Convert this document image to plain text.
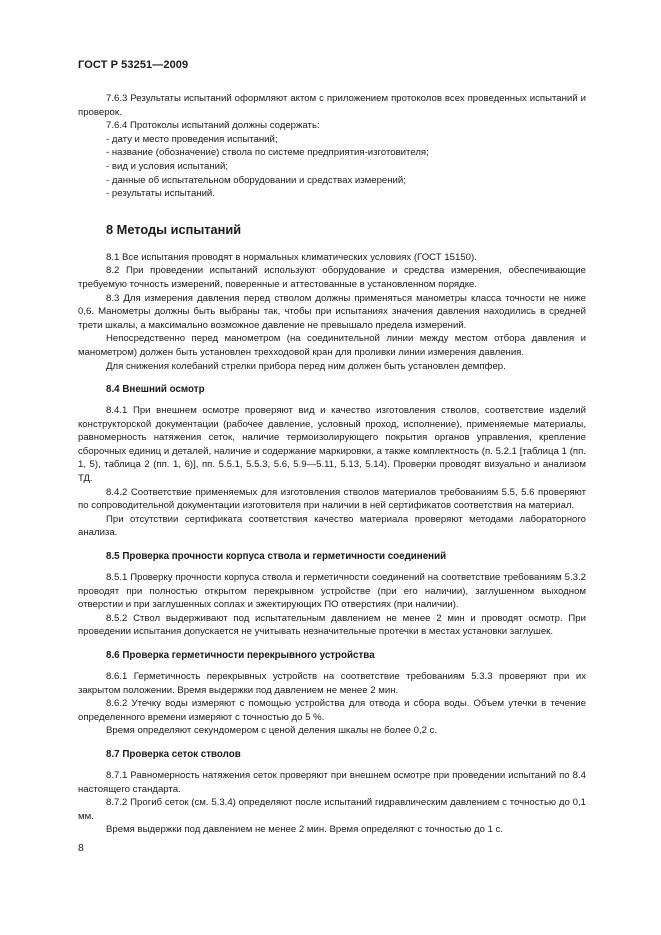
ГОСТ Р 53251—2009

7.6.3 Результаты испытаний оформляют актом с приложением протоколов всех проведенных испытаний и проверок.

7.6.4 Протоколы испытаний должны содержать:

- дату и место проведения испытаний;

- название (обозначение) ствола по системе предприятия-изготовителя;

- вид и условия испытаний;

- данные об испытательном оборудовании и средствах измерений;

- результаты испытаний.

8 Методы испытаний

8.1 Все испытания проводят в нормальных климатических условиях (ГОСТ 15150).

8.2 При проведении испытаний используют оборудование и средства измерения, обеспечивающие требуемую точность измерений, поверенные и аттестованные в установленном порядке.

8.3 Для измерения давления перед стволом должны применяться манометры класса точности не ниже 0,6. Манометры должны быть выбраны так, чтобы при испытаниях значения давления находились в средней трети шкалы, а максимально возможное давление не превышало предела измерений.

Непосредственно перед манометром (на соединительной линии между местом отбора давления и манометром) должен быть установлен трехходовой кран для проливки линии измерения давления.

Для снижения колебаний стрелки прибора перед ним должен быть установлен демпфер.

8.4 Внешний осмотр

8.4.1 При внешнем осмотре проверяют вид и качество изготовления стволов, соответствие изделий конструкторской документации (рабочее давление, условный проход, исполнение), применяемые материалы, равномерность натяжения сеток, наличие термоизолирующего покрытия органов управления, крепление сборочных единиц и деталей, наличие и содержание маркировки, а также комплектность (п. 5.2.1 [таблица 1 (пп. 1, 5), таблица 2 (пп. 1, 6)], пп. 5.5.1, 5.5.3, 5.6, 5.9—5.11, 5.13, 5.14). Проверки проводят визуально и анализом ТД.

8.4.2 Соответствие применяемых для изготовления стволов материалов требованиям 5.5, 5.6 проверяют по сопроводительной документации изготовителя при наличии в ней сертификатов соответствия на материал.

При отсутствии сертификата соответствия качество материала проверяют методами лабораторного анализа.

8.5 Проверка прочности корпуса ствола и герметичности соединений

8.5.1 Проверку прочности корпуса ствола и герметичности соединений на соответствие требованиям 5.3.2 проводят при полностью открытом перекрывном устройстве (при его наличии), заглушенном выходном отверстии и при заглушенных соплах и эжектирующих ПО отверстиях (при наличии).

8.5.2 Ствол выдерживают под испытательным давлением не менее 2 мин и проводят осмотр. При проведении испытания допускается не учитывать незначительные протечки в местах установки заглушек.

8.6 Проверка герметичности перекрывного устройства

8.6.1 Герметичность перекрывных устройств на соответствие требованиям 5.3.3 проверяют при их закрытом положении. Время выдержки под давлением не менее 2 мин.

8.6.2 Утечку воды измеряют с помощью устройства для отвода и сбора воды. Объем утечки в течение определенного времени измеряют с точностью до 5 %.

Время определяют секундомером с ценой деления шкалы не более 0,2 с.

8.7 Проверка сеток стволов

8.7.1 Равномерность натяжения сеток проверяют при внешнем осмотре при проведении испытаний по 8.4 настоящего стандарта.

8.7.2 Прогиб сеток (см. 5.3.4) определяют после испытаний гидравлическим давлением с точностью до 0,1 мм.

Время выдержки под давлением не менее 2 мин. Время определяют с точностью до 1 с.

8
